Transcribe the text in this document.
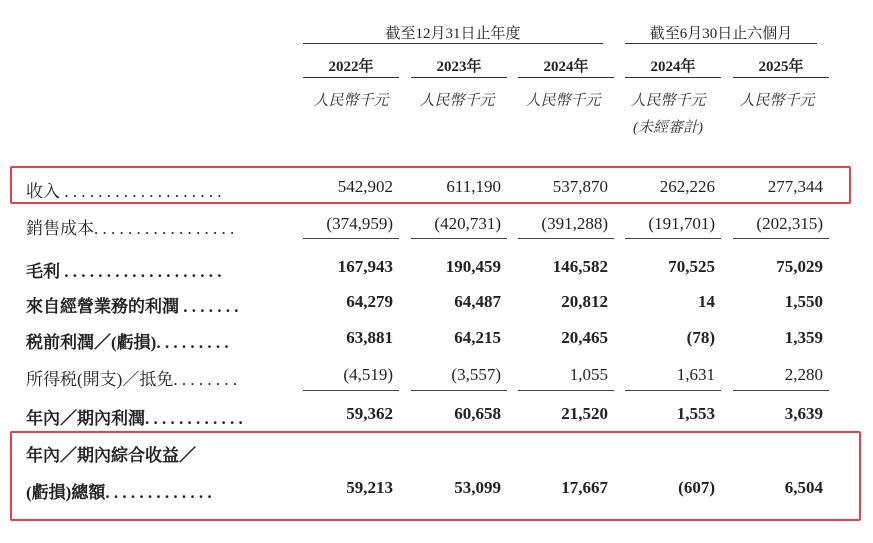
截至12月31日止年度	截至6月30日止六個月
2022年	2023年	2024年	2024年	2025年
人民幣千元	人民幣千元	人民幣千元	人民幣千元	人民幣千元
(未經審計)
收入 . . . . . . . . . . . . . . . . . . .	542,902	611,190	537,870	262,226	277,344
銷售成本. . . . . . . . . . . . . . . . .	(374,959)	(420,731)	(391,288)	(191,701)	(202,315)
毛利 . . . . . . . . . . . . . . . . . . .	167,943	190,459	146,582	70,525	75,029
來自經營業務的利潤 . . . . . . .	64,279	64,487	20,812	14	1,550
税前利潤／(虧損). . . . . . . . .	63,881	64,215	20,465	(78)	1,359
所得税(開支)／抵免. . . . . . . .	(4,519)	(3,557)	1,055	1,631	2,280
年內／期內利潤. . . . . . . . . . . .	59,362	60,658	21,520	1,553	3,639
年內／期內綜合收益／
(虧損)總額. . . . . . . . . . . . .	59,213	53,099	17,667	(607)	6,504
